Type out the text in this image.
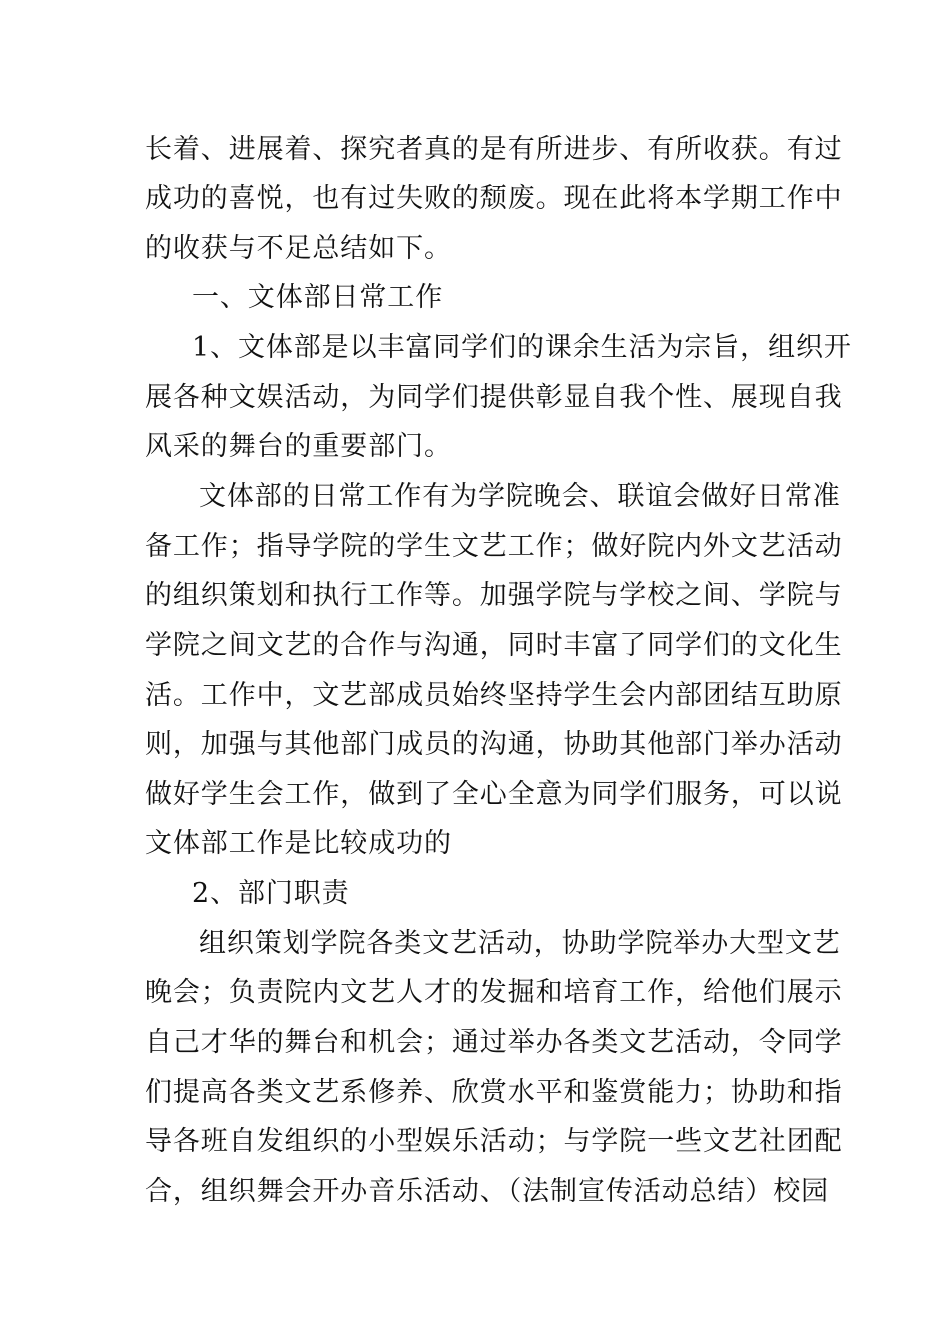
长着、进展着、探究者真的是有所进步、有所收获。有过
成功的喜悦，也有过失败的颓废。现在此将本学期工作中
的收获与不足总结如下。
一、文体部日常工作
1、文体部是以丰富同学们的课余生活为宗旨，组织开
展各种文娱活动，为同学们提供彰显自我个性、展现自我
风采的舞台的重要部门。
文体部的日常工作有为学院晚会、联谊会做好日常准
备工作；指导学院的学生文艺工作；做好院内外文艺活动
的组织策划和执行工作等。加强学院与学校之间、学院与
学院之间文艺的合作与沟通，同时丰富了同学们的文化生
活。工作中，文艺部成员始终坚持学生会内部团结互助原
则，加强与其他部门成员的沟通，协助其他部门举办活动
做好学生会工作，做到了全心全意为同学们服务，可以说
文体部工作是比较成功的
2、部门职责
组织策划学院各类文艺活动，协助学院举办大型文艺
晚会；负责院内文艺人才的发掘和培育工作，给他们展示
自己才华的舞台和机会；通过举办各类文艺活动，令同学
们提高各类文艺系修养、欣赏水平和鉴赏能力；协助和指
导各班自发组织的小型娱乐活动；与学院一些文艺社团配
合，组织舞会开办音乐活动、（法制宣传活动总结）校园
